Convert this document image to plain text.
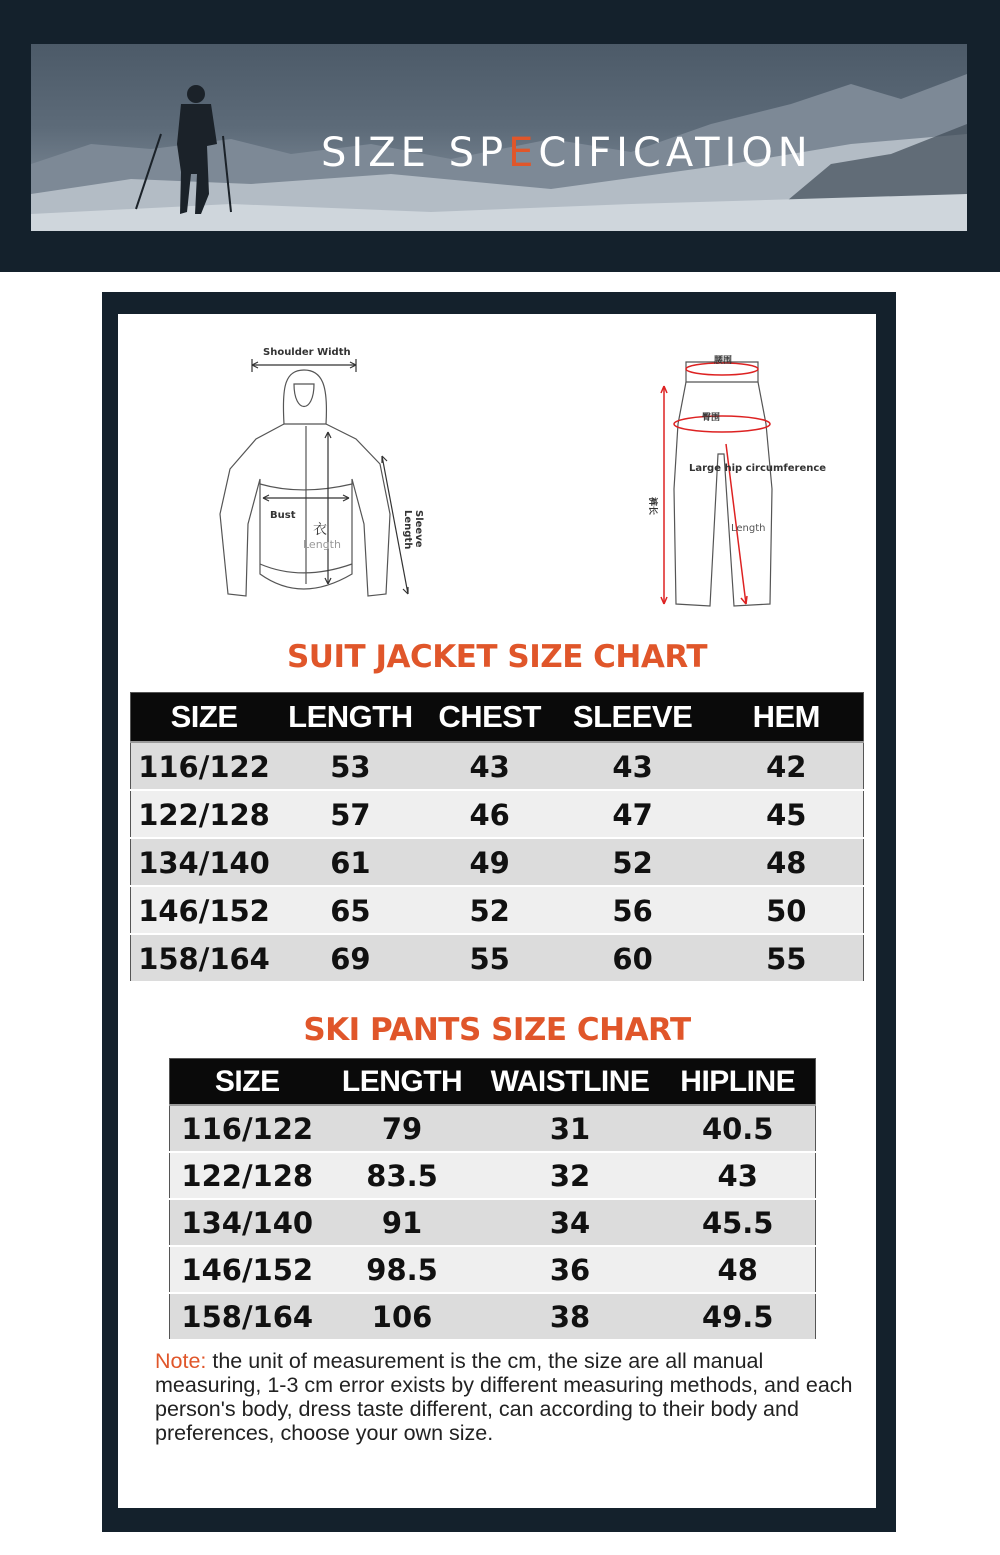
SIZE SPECIFICATION
Shoulder Width
Bust
衣
Length	Sleeve Length
腰围
臀围
Large hip circumference
裤长
Length
SUIT JACKET SIZE CHART
SIZE	LENGTH	CHEST	SLEEVE	HEM
116/122	53	43	43	42
122/128	57	46	47	45
134/140	61	49	52	48
146/152	65	52	56	50
158/164	69	55	60	55
SKI PANTS SIZE CHART
SIZE	LENGTH	WAISTLINE	HIPLINE
116/122	79	31	40.5
122/128	83.5	32	43
134/140	91	34	45.5
146/152	98.5	36	48
158/164	106	38	49.5
Note: the unit of measurement is the cm, the size are all manual measuring, 1-3 cm error exists by different measuring methods, and each person's body, dress taste different, can according to their body and preferences, choose your own size.
